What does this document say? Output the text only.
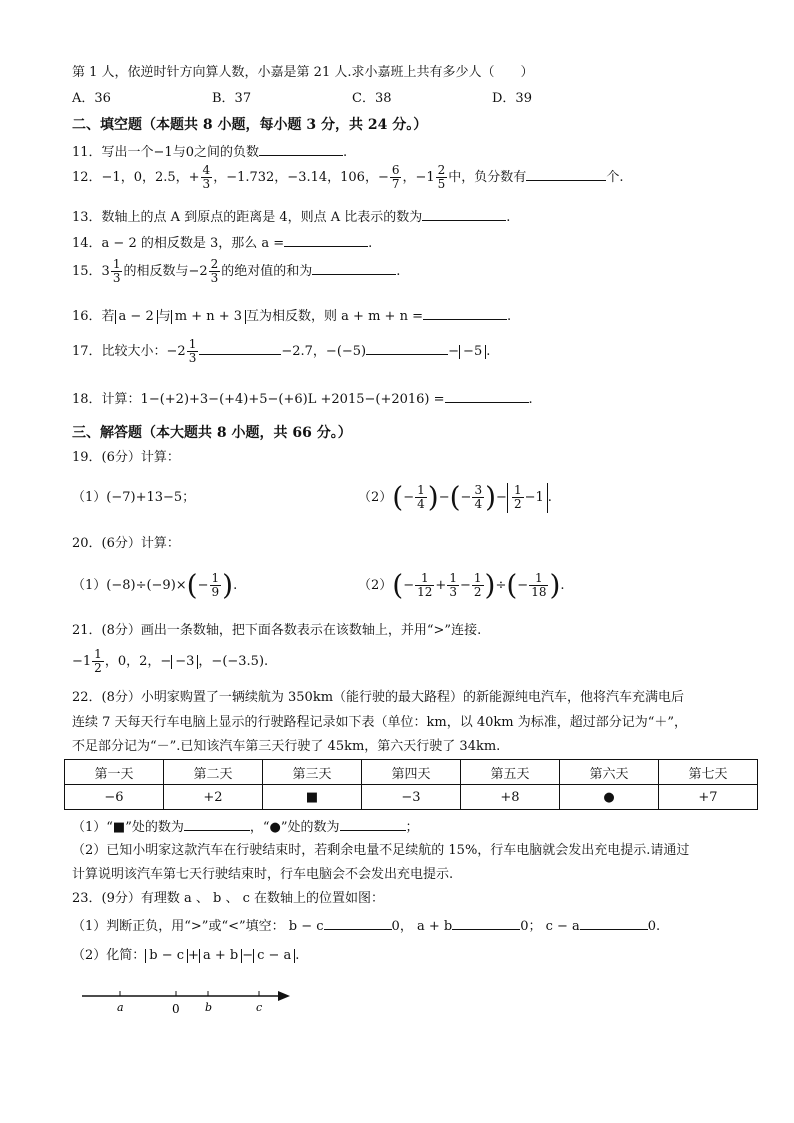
第 1 人，依逆时针方向算人数，小嘉是第 21 人.求小嘉班上共有多少人（　　）
A．36	B．37	C．38	D．39
二、填空题（本题共 8 小题，每小题 3 分，共 24 分。）
11．写出一个−1与0之间的负数	.
12．−1，0，2.5，+ $\frac{4}{3}$ ，−1.732，−3.14，106，− $\frac{6}{7}$ ，$-1 \frac{2}{5}$ 中，负分数有	个.
13．数轴上的点 A 到原点的距离是 4，则点 A 比表示的数为	.
14．a − 2 的相反数是 3，那么 a =	.
15．$3 \frac{1}{3}$ 的相反数与$-2 \frac{2}{3}$ 的绝对值的和为	.
16．若 a − 2 与 m + n + 3 互为相反数，则 a + m + n =	.
17．比较大小：$-2 \frac{1}{3}$	−2.7，−(−5)	− −5 .
18．计算：1−(+2)+3−(+4)+5−(+6)L +2015−(+2016) =	.
三、解答题（本大题共 8 小题，共 66 分。）
19．(6分）计算：
（1）(−7)+13−5；	$(2)(- \frac{1}{4}$ )−(− $\frac{3}{4}$ )− $\frac{1}{2} -1$ .
20．(6分）计算：
$(1)(-8)\div(-9)\times(- \frac{1}{9}$ ).	$(2)(- \frac{1}{12} + \frac{1}{3} - \frac{1}{2}$ )÷(− $\frac{1}{18}$ ).
21．(8分）画出一条数轴，把下面各数表示在该数轴上，并用“>”连接.
$-1 \frac{1}{2}$ ，0，2，− −3 ，−(−3.5).
22．(8分）小明家购置了一辆续航为 350km（能行驶的最大路程）的新能源纯电汽车，他将汽车充满电后
连续 7 天每天行车电脑上显示的行驶路程记录如下表（单位：km，以 40km 为标准，超过部分记为“＋”，
不足部分记为“－”.已知该汽车第三天行驶了 45km，第六天行驶了 34km.
第一天	第二天	第三天	第四天	第五天	第六天	第七天
−6	+2	■	−3	+8	●	+7
（1）“■”处的数为	，“●”处的数为	；
（2）已知小明家这款汽车在行驶结束时，若剩余电量不足续航的 15%，行车电脑就会发出充电提示.请通过
计算说明该汽车第七天行驶结束时，行车电脑会不会发出充电提示.
23．(9分）有理数 a 、 b 、 c 在数轴上的位置如图：
（1）判断正负，用“>”或“<”填空： b − c	0， a + b	0； c − a	0.
（2）化简： b − c + a + b − c − a .
a	0 b	c
